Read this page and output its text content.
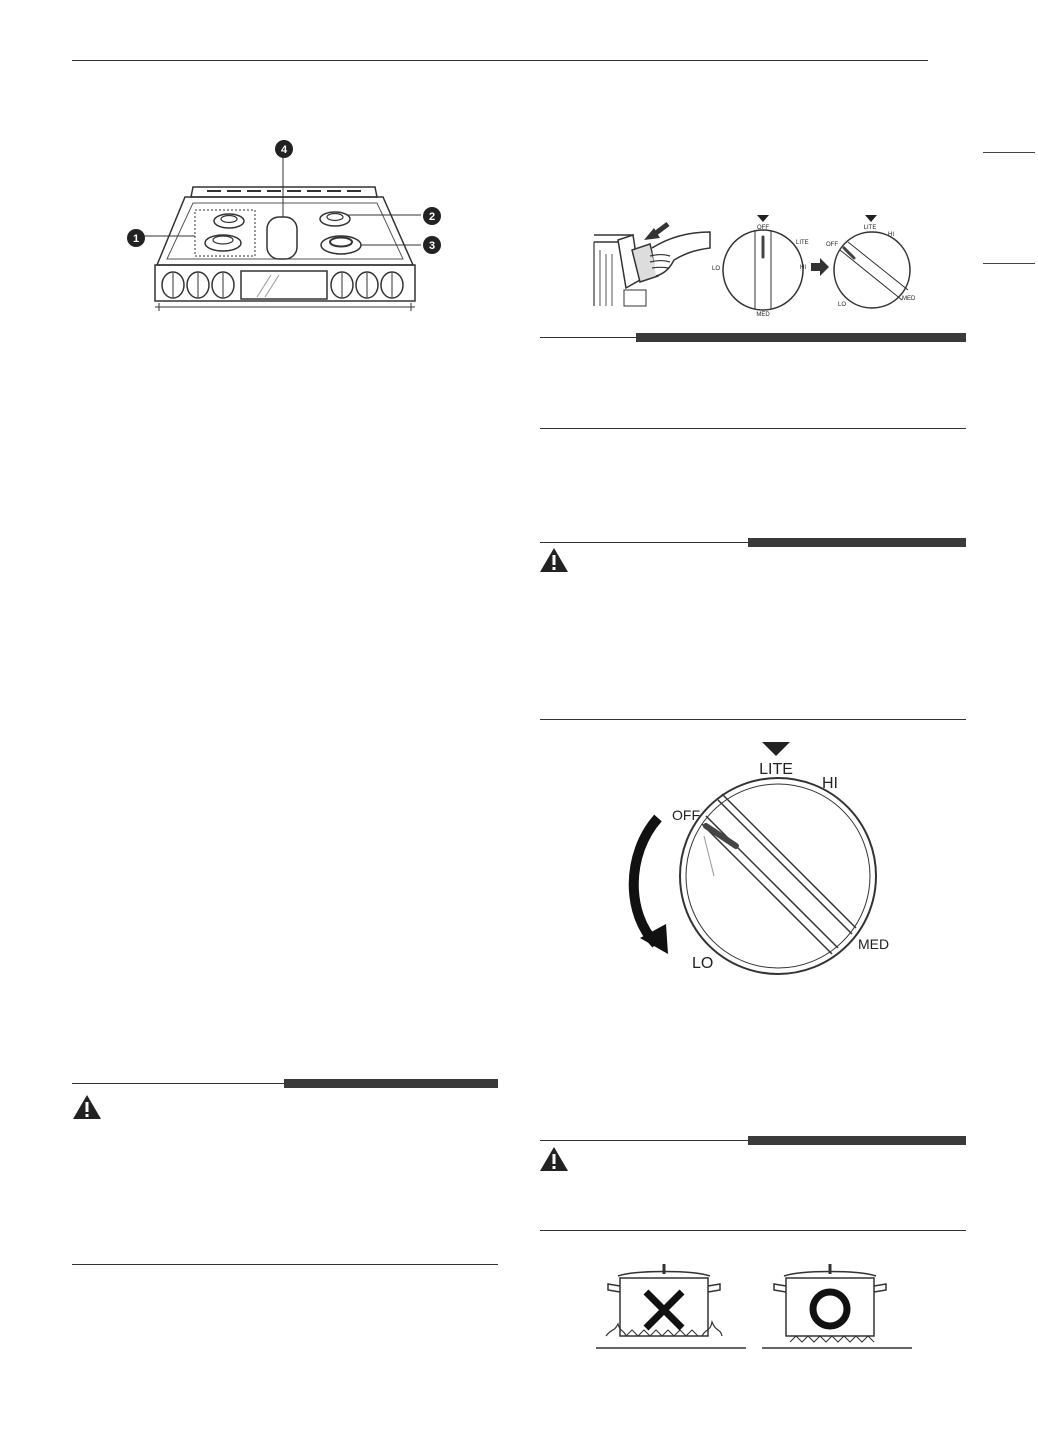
1
2
3
4
OFF
LITE
HI
LO
MED
LITE
HI
OFF
LO
MED
LITE
HI
OFF
LO
MED
